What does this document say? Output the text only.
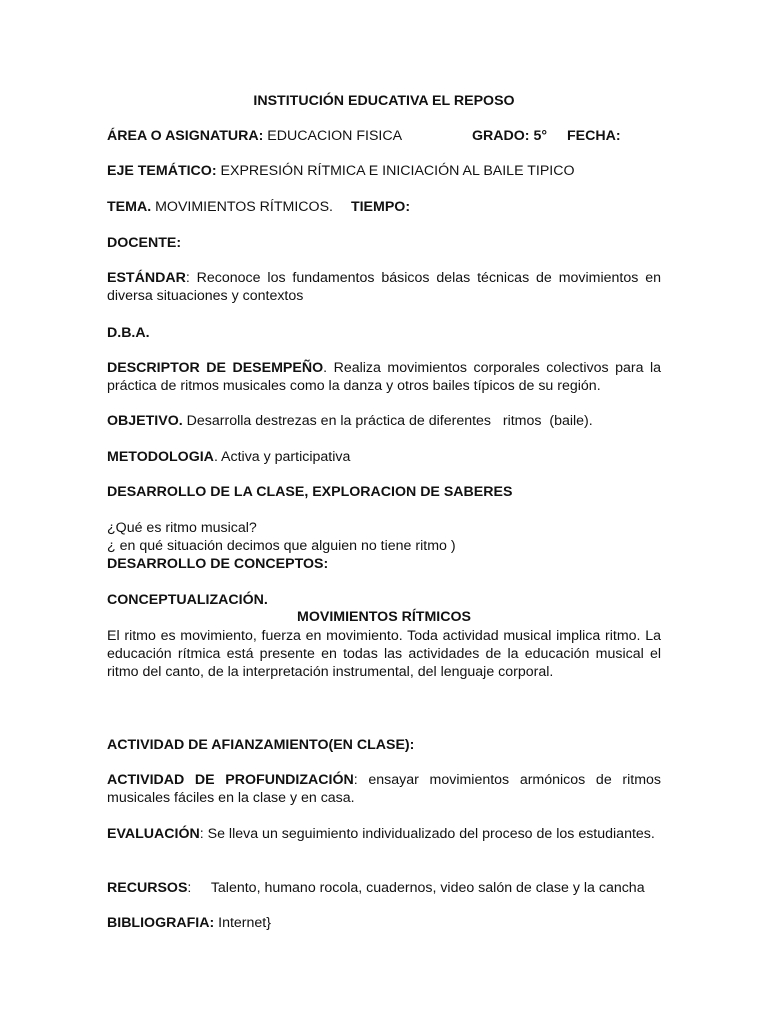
INSTITUCIÓN EDUCATIVA EL REPOSO
ÁREA O ASIGNATURA: EDUCACION FISICA	GRADO: 5° FECHA:
EJE TEMÁTICO: EXPRESIÓN RÍTMICA E INICIACIÓN AL BAILE TIPICO
TEMA. MOVIMIENTOS RÍTMICOS. TIEMPO:
DOCENTE:
ESTÁNDAR: Reconoce los fundamentos básicos delas técnicas de movimientos en diversa situaciones y contextos
D.B.A.
DESCRIPTOR DE DESEMPEÑO. Realiza movimientos corporales colectivos para la práctica de ritmos musicales como la danza y otros bailes típicos de su región.
OBJETIVO. Desarrolla destrezas en la práctica de diferentes   ritmos  (baile).
METODOLOGIA. Activa y participativa
DESARROLLO DE LA CLASE, EXPLORACION DE SABERES
¿Qué es ritmo musical?
¿ en qué situación decimos que alguien no tiene ritmo )
DESARROLLO DE CONCEPTOS:
CONCEPTUALIZACIÓN.
MOVIMIENTOS RÍTMICOS
El ritmo es movimiento, fuerza en movimiento. Toda actividad musical implica ritmo. La educación rítmica está presente en todas las actividades de la educación musical el ritmo del canto, de la interpretación instrumental, del lenguaje corporal.
ACTIVIDAD DE AFIANZAMIENTO(EN CLASE):
ACTIVIDAD DE PROFUNDIZACIÓN: ensayar movimientos armónicos de ritmos musicales fáciles en la clase y en casa.
EVALUACIÓN: Se lleva un seguimiento individualizado del proceso de los estudiantes.
RECURSOS:     Talento, humano rocola, cuadernos, video salón de clase y la cancha
BIBLIOGRAFIA: Internet}
